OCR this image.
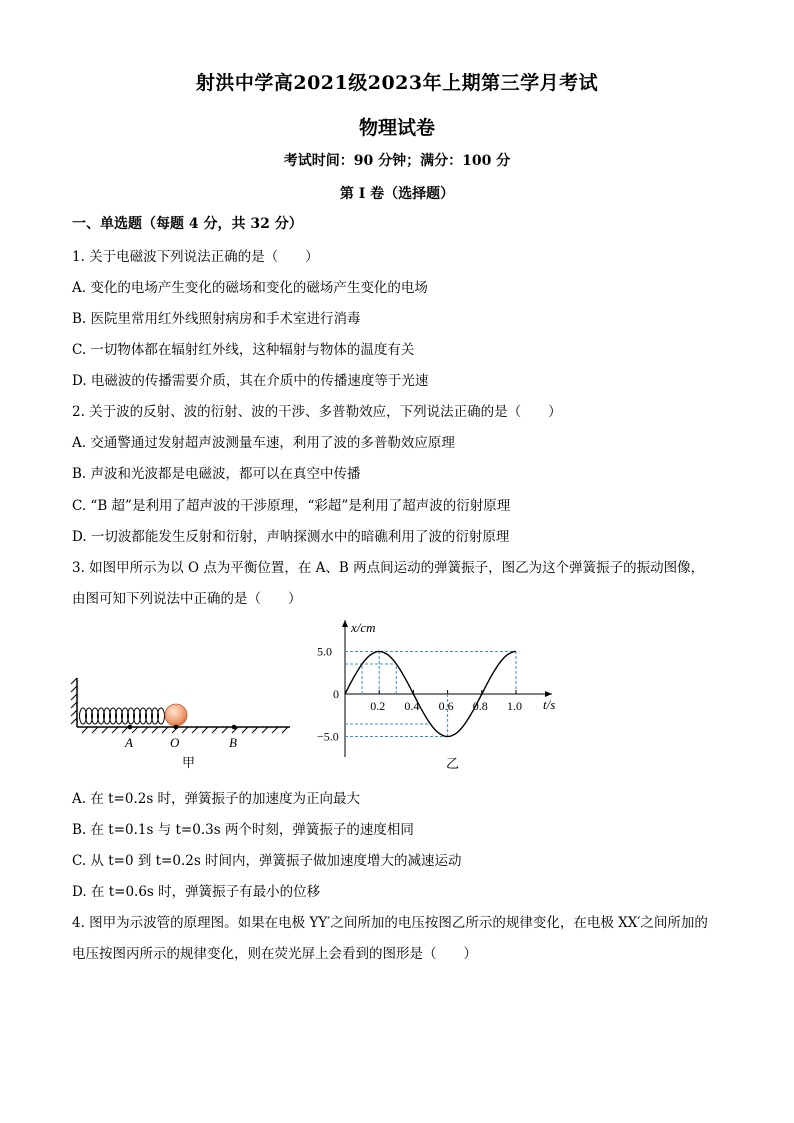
射洪中学高2021级2023年上期第三学月考试
物理试卷
考试时间：90 分钟；满分：100 分
第 I 卷（选择题）
一、单选题（每题 4 分，共 32 分）
1. 关于电磁波下列说法正确的是（　　）
A. 变化的电场产生变化的磁场和变化的磁场产生变化的电场
B. 医院里常用红外线照射病房和手术室进行消毒
C. 一切物体都在辐射红外线，这种辐射与物体的温度有关
D. 电磁波的传播需要介质，其在介质中的传播速度等于光速
2. 关于波的反射、波的衍射、波的干涉、多普勒效应，下列说法正确的是（　　）
A. 交通警通过发射超声波测量车速，利用了波的多普勒效应原理
B. 声波和光波都是电磁波，都可以在真空中传播
C. “B 超”是利用了超声波的干涉原理，“彩超”是利用了超声波的衍射原理
D. 一切波都能发生反射和衍射，声呐探测水中的暗礁利用了波的衍射原理
3. 如图甲所示为以 O 点为平衡位置，在 A、B 两点间运动的弹簧振子，图乙为这个弹簧振子的振动图像，
由图可知下列说法中正确的是（　　）
A	O	B
甲
x/cm
t/s
0.2 0.4 0.6 0.8 1.0
5.0
0
−5.0
乙
A. 在 t=0.2s 时，弹簧振子的加速度为正向最大
B. 在 t=0.1s 与 t=0.3s 两个时刻，弹簧振子的速度相同
C. 从 t=0 到 t=0.2s 时间内，弹簧振子做加速度增大的减速运动
D. 在 t=0.6s 时，弹簧振子有最小的位移
4. 图甲为示波管的原理图。如果在电极 YY′之间所加的电压按图乙所示的规律变化，在电极 XX′之间所加的
电压按图丙所示的规律变化，则在荧光屏上会看到的图形是（　　）
